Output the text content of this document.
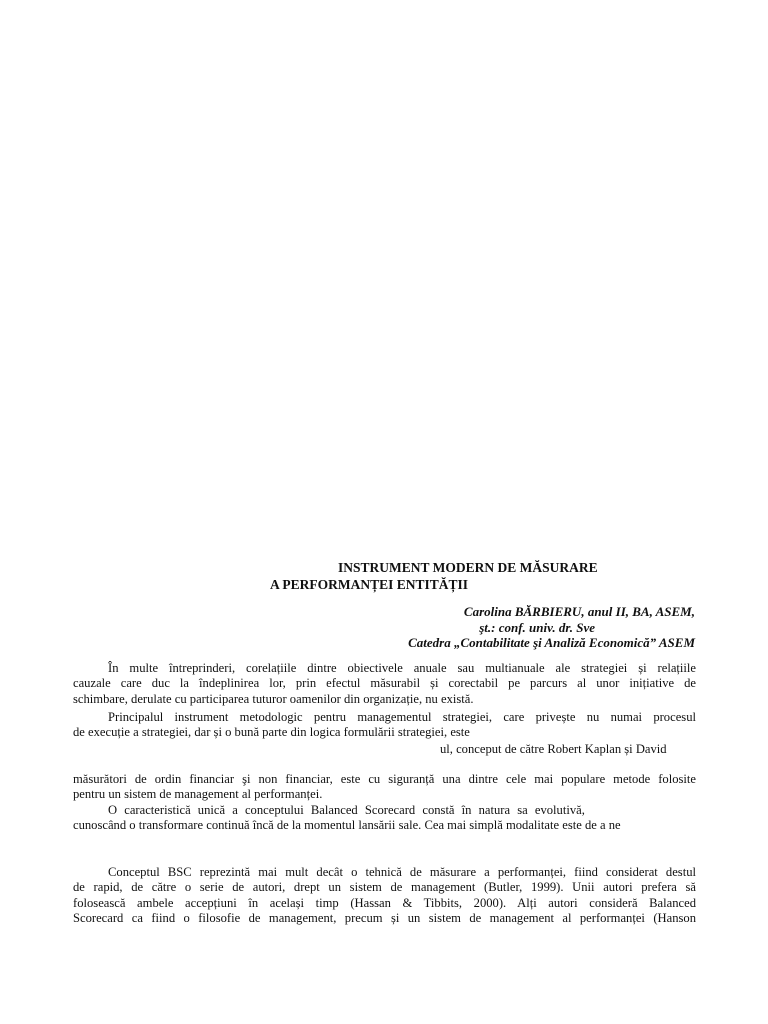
INSTRUMENT MODERN DE MĂSURARE
A PERFORMANȚEI ENTITĂȚII
Carolina BĂRBIERU, anul II, BA, ASEM,
şt.: conf. univ. dr. Sve
Catedra „Contabilitate şi Analiză Economică” ASEM
În multe întreprinderi, corelațiile dintre obiectivele anuale sau multianuale ale strategiei și relațiile
cauzale care duc la îndeplinirea lor, prin efectul măsurabil și corectabil pe parcurs al unor inițiative de
schimbare, derulate cu participarea tuturor oamenilor din organizație, nu există.
Principalul instrument metodologic pentru managementul strategiei, care privește nu numai procesul
de execuție a strategiei, dar și o bună parte din logica formulării strategiei, este
ul, conceput de către Robert Kaplan și David
măsurători de ordin financiar şi non financiar, este cu siguranță una dintre cele mai populare metode folosite
pentru un sistem de management al performanței.
O caracteristică unică a conceptului Balanced Scorecard constă în natura sa evolutivă,
cunoscând o transformare continuă încă de la momentul lansării sale. Cea mai simplă modalitate este de a ne
Conceptul BSC reprezintă mai mult decât o tehnică de măsurare a performanței, fiind considerat destul
de rapid, de către o serie de autori, drept un sistem de management (Butler, 1999). Unii autori prefera să
folosească ambele accepțiuni în același timp (Hassan & Tibbits, 2000). Alți autori consideră Balanced
Scorecard ca fiind o filosofie de management, precum și un sistem de management al performanței (Hanson
